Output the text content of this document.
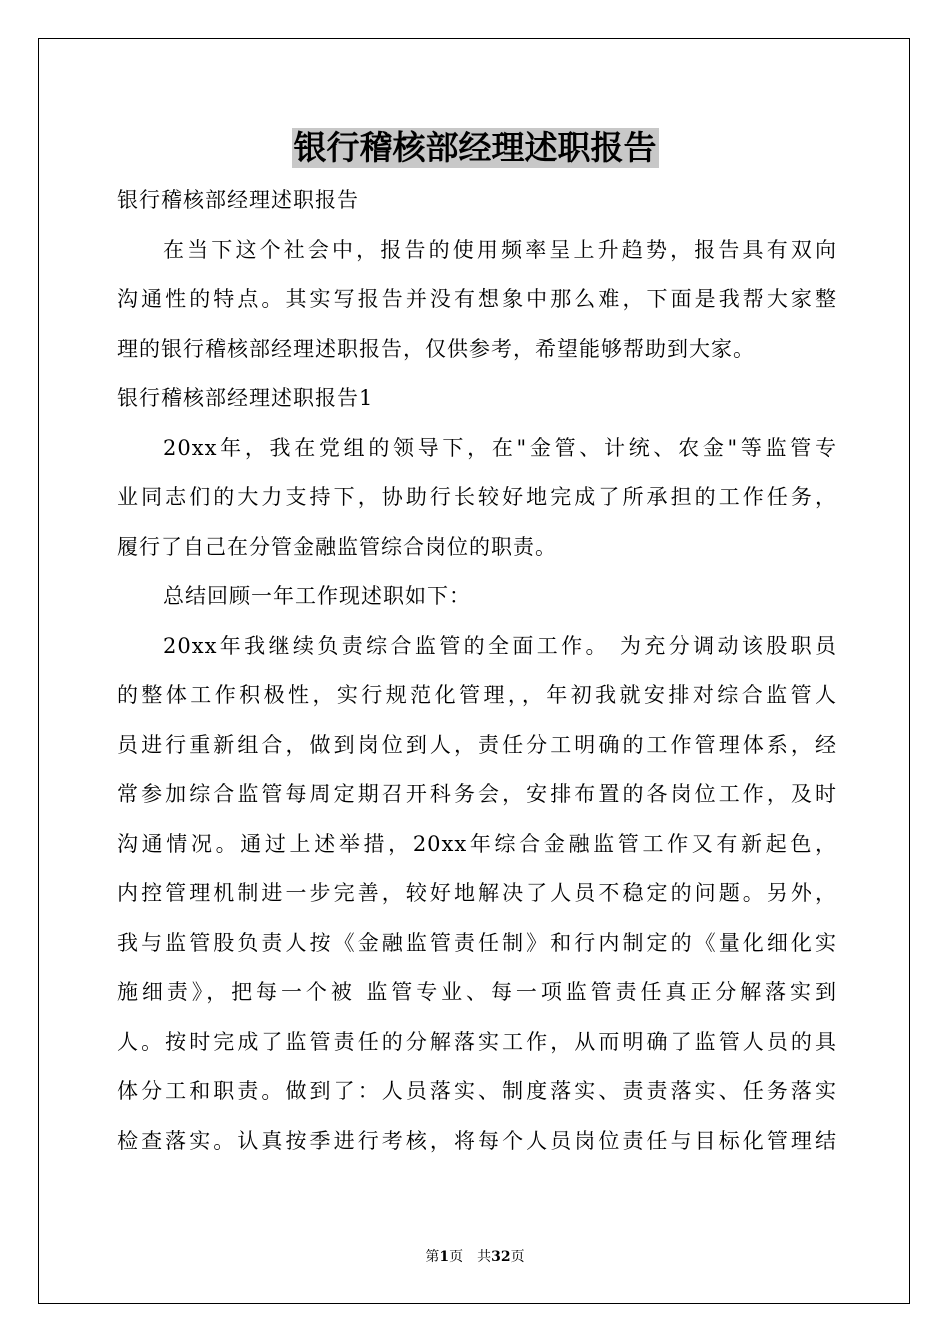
银行稽核部经理述职报告
银行稽核部经理述职报告
在当下这个社会中，报告的使用频率呈上升趋势，报告具有双向
沟通性的特点。其实写报告并没有想象中那么难，下面是我帮大家整
理的银行稽核部经理述职报告，仅供参考，希望能够帮助到大家。
银行稽核部经理述职报告1
20xx年，我在党组的领导下，在"金管、计统、农金"等监管专
业同志们的大力支持下，协助行长较好地完成了所承担的工作任务，
履行了自己在分管金融监管综合岗位的职责。
总结回顾一年工作现述职如下：
20xx年我继续负责综合监管的全面工作。 为充分调动该股职员
的整体工作积极性，实行规范化管理，，年初我就安排对综合监管人
员进行重新组合，做到岗位到人，责任分工明确的工作管理体系，经
常参加综合监管每周定期召开科务会，安排布置的各岗位工作，及时
沟通情况。通过上述举措，20xx年综合金融监管工作又有新起色，
内控管理机制进一步完善，较好地解决了人员不稳定的问题。另外，
我与监管股负责人按《金融监管责任制》和行内制定的《量化细化实
施细责》，把每一个被 监管专业、每一项监管责任真正分解落实到
人。按时完成了监管责任的分解落实工作，从而明确了监管人员的具
体分工和职责。做到了：人员落实、制度落实、责责落实、任务落实
检查落实。认真按季进行考核，将每个人员岗位责任与目标化管理结
第1页　共32页
